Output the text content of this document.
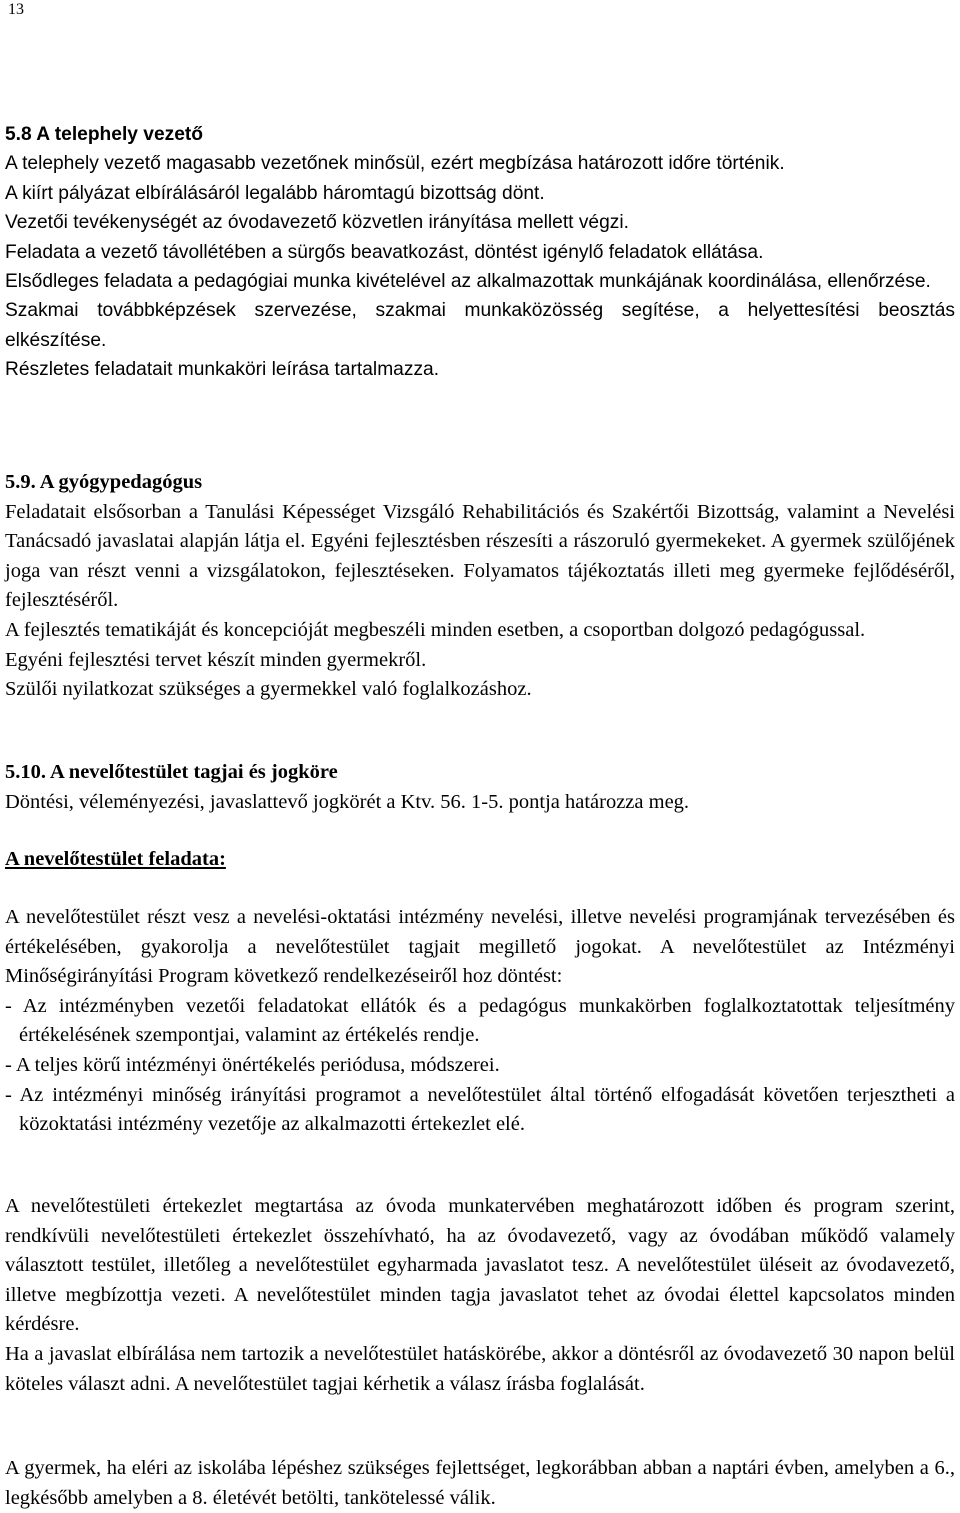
13
5.8 A telephely vezető
A telephely vezető magasabb vezetőnek minősül, ezért megbízása határozott időre történik.
A kiírt pályázat elbírálásáról legalább háromtagú bizottság dönt.
Vezetői tevékenységét az óvodavezető közvetlen irányítása mellett végzi.
Feladata a vezető távollétében a sürgős beavatkozást, döntést igénylő feladatok ellátása.
Elsődleges feladata a pedagógiai munka kivételével az alkalmazottak munkájának koordinálása, ellenőrzése.
Szakmai továbbképzések szervezése, szakmai munkaközösség segítése, a helyettesítési beosztás elkészítése.
Részletes feladatait munkaköri leírása tartalmazza.
5.9. A gyógypedagógus
Feladatait elsősorban a Tanulási Képességet Vizsgáló Rehabilitációs és Szakértői Bizottság, valamint a Nevelési Tanácsadó javaslatai alapján látja el. Egyéni fejlesztésben részesíti a rászoruló gyermekeket. A gyermek szülőjének joga van részt venni a vizsgálatokon, fejlesztéseken. Folyamatos tájékoztatás illeti meg gyermeke fejlődéséről, fejlesztéséről.
A fejlesztés tematikáját és koncepcióját megbeszéli minden esetben, a csoportban dolgozó pedagógussal.
Egyéni fejlesztési tervet készít minden gyermekről.
Szülői nyilatkozat szükséges a gyermekkel való foglalkozáshoz.
5.10. A nevelőtestület tagjai és jogköre
Döntési, véleményezési, javaslattevő jogkörét a Ktv. 56. 1-5. pontja határozza meg.
A nevelőtestület feladata:
A nevelőtestület részt vesz a nevelési-oktatási intézmény nevelési, illetve nevelési programjának tervezésében és értékelésében, gyakorolja a nevelőtestület tagjait megillető jogokat. A nevelőtestület az Intézményi Minőségirányítási Program következő rendelkezéseiről hoz döntést:
- Az intézményben vezetői feladatokat ellátók és a pedagógus munkakörben foglalkoztatottak teljesítmény értékelésének szempontjai, valamint az értékelés rendje.
- A teljes körű intézményi önértékelés periódusa, módszerei.
- Az intézményi minőség irányítási programot a nevelőtestület által történő elfogadását követően terjesztheti a közoktatási intézmény vezetője az alkalmazotti értekezlet elé.
A nevelőtestületi értekezlet megtartása az óvoda munkatervében meghatározott időben és program szerint, rendkívüli nevelőtestületi értekezlet összehívható, ha az óvodavezető, vagy az óvodában működő valamely választott testület, illetőleg a nevelőtestület egyharmada javaslatot tesz. A nevelőtestület üléseit az óvodavezető, illetve megbízottja vezeti. A nevelőtestület minden tagja javaslatot tehet az óvodai élettel kapcsolatos minden kérdésre.
Ha a javaslat elbírálása nem tartozik a nevelőtestület hatáskörébe, akkor a döntésről az óvodavezető 30 napon belül köteles választ adni. A nevelőtestület tagjai kérhetik a válasz írásba foglalását.
A gyermek, ha eléri az iskolába lépéshez szükséges fejlettséget, legkorábban abban a naptári évben, amelyben a 6., legkésőbb amelyben a 8. életévét betölti, tankötelessé válik.
